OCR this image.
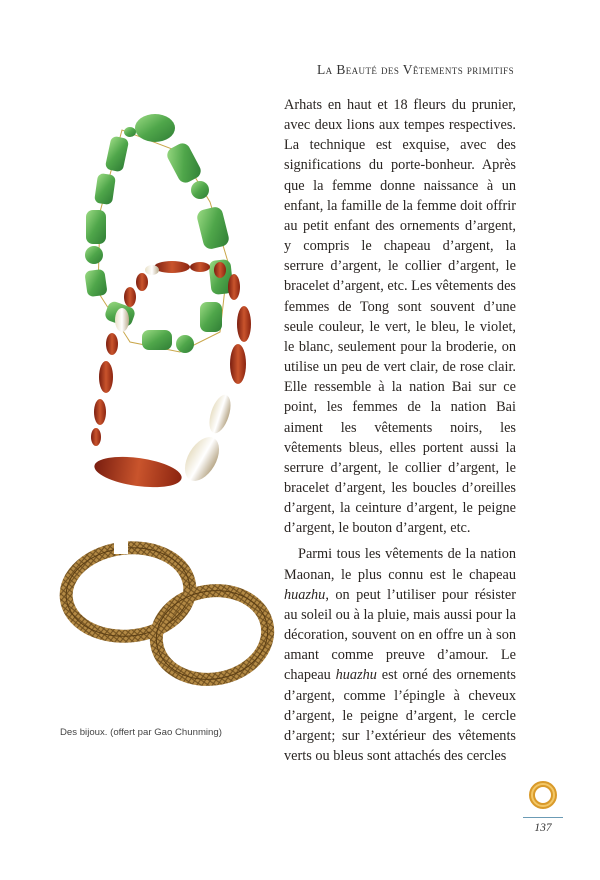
La Beauté des Vêtements primitifs
Des bijoux. (offert par Gao Chunming)

Arhats en haut et 18 fleurs du prunier, avec deux lions aux tempes respectives. La technique est exquise, avec des significations du porte-bonheur. Après que la femme donne naissance à un enfant, la famille de la femme doit offrir au petit enfant des ornements d’argent, y compris le chapeau d’argent, la serrure d’argent, le collier d’argent, le bracelet d’argent, etc. Les vêtements des femmes de Tong sont souvent d’une seule couleur, le vert, le bleu, le violet, le blanc, seulement pour la broderie, on utilise un peu de vert clair, de rose clair. Elle ressemble à la nation Bai sur ce point, les femmes de la nation Bai aiment les vêtements noirs, les vêtements bleus, elles portent aussi la serrure d’argent, le collier d’argent, le bracelet d’argent, les boucles d’oreilles d’argent, la ceinture d’argent, le peigne d’argent, le bouton d’argent, etc.

Parmi tous les vêtements de la nation Maonan, le plus connu est le chapeau huazhu, on peut l’utiliser pour résister au soleil ou à la pluie, mais aussi pour la décoration, souvent on en offre un à son amant comme preuve d’amour. Le chapeau huazhu est orné des ornements d’argent, comme l’épingle à cheveux d’argent, le peigne d’argent, le cercle d’argent; sur l’extérieur des vêtements verts ou bleus sont attachés des cercles

137
